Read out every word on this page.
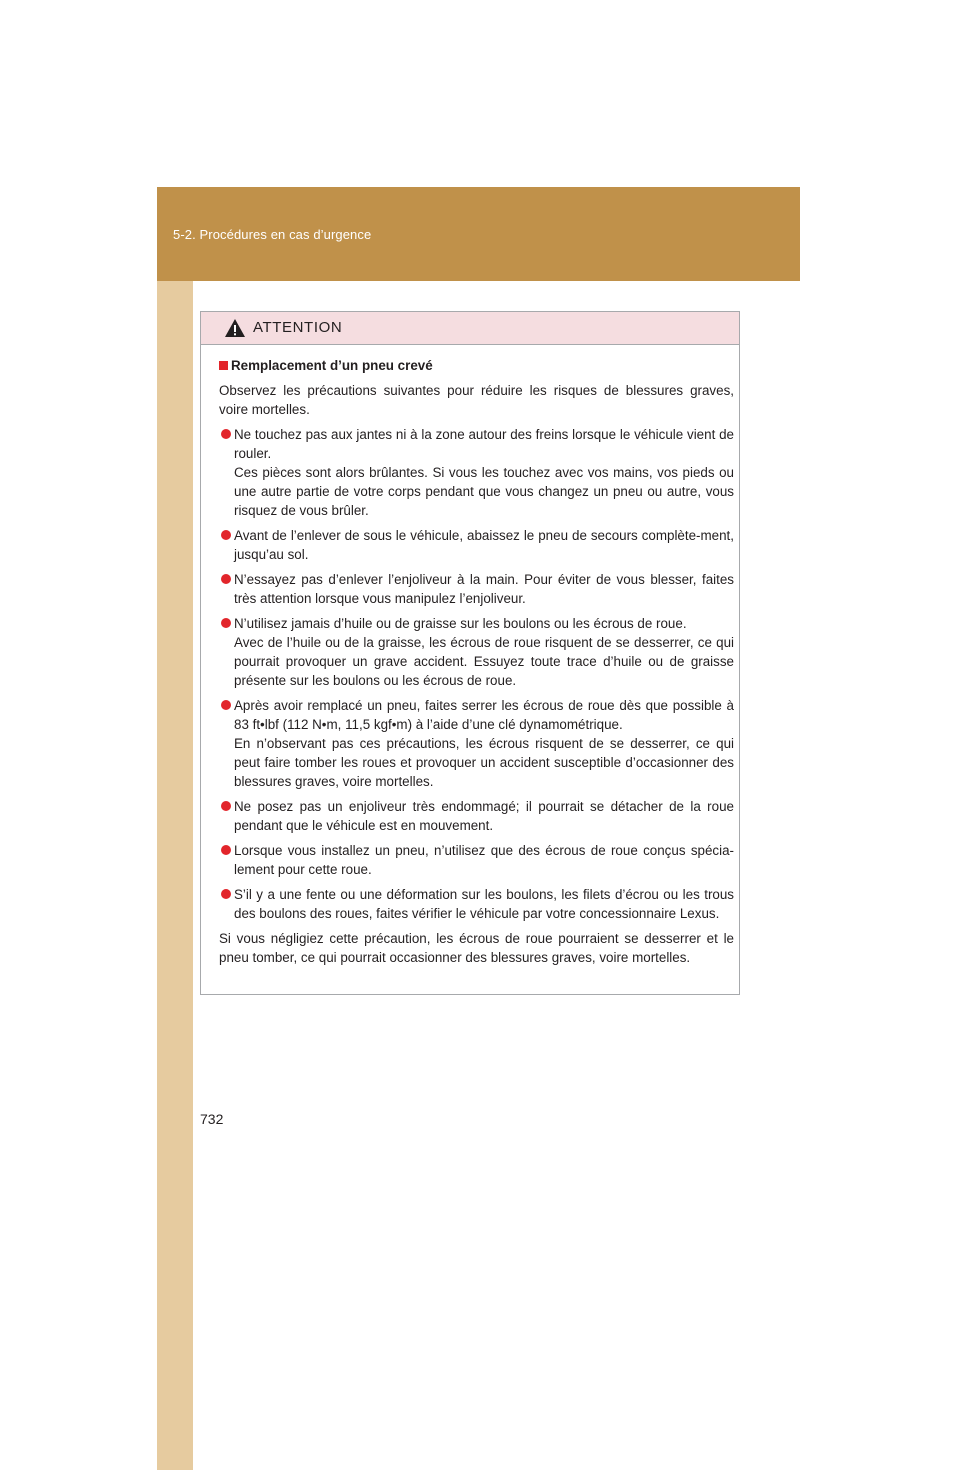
5-2. Procédures en cas d’urgence
ATTENTION

Remplacement d’un pneu crevé

Observez les précautions suivantes pour réduire les risques de blessures graves, voire mortelles.

Ne touchez pas aux jantes ni à la zone autour des freins lorsque le véhicule vient de rouler.
Ces pièces sont alors brûlantes. Si vous les touchez avec vos mains, vos pieds ou une autre partie de votre corps pendant que vous changez un pneu ou autre, vous risquez de vous brûler.
Avant de l’enlever de sous le véhicule, abaissez le pneu de secours complète-ment, jusqu’au sol.
N’essayez pas d’enlever l’enjoliveur à la main. Pour éviter de vous blesser, faites très attention lorsque vous manipulez l’enjoliveur.
N’utilisez jamais d’huile ou de graisse sur les boulons ou les écrous de roue.
Avec de l’huile ou de la graisse, les écrous de roue risquent de se desserrer, ce qui pourrait provoquer un grave accident. Essuyez toute trace d’huile ou de graisse présente sur les boulons ou les écrous de roue.
Après avoir remplacé un pneu, faites serrer les écrous de roue dès que possible à 83 ft•lbf (112 N•m, 11,5 kgf•m) à l’aide d’une clé dynamométrique.
En n’observant pas ces précautions, les écrous risquent de se desserrer, ce qui peut faire tomber les roues et provoquer un accident susceptible d’occasionner des blessures graves, voire mortelles.
Ne posez pas un enjoliveur très endommagé; il pourrait se détacher de la roue pendant que le véhicule est en mouvement.
Lorsque vous installez un pneu, n’utilisez que des écrous de roue conçus spécia-lement pour cette roue.
S’il y a une fente ou une déformation sur les boulons, les filets d’écrou ou les trous des boulons des roues, faites vérifier le véhicule par votre concessionnaire Lexus.

Si vous négligiez cette précaution, les écrous de roue pourraient se desserrer et le pneu tomber, ce qui pourrait occasionner des blessures graves, voire mortelles.

732
